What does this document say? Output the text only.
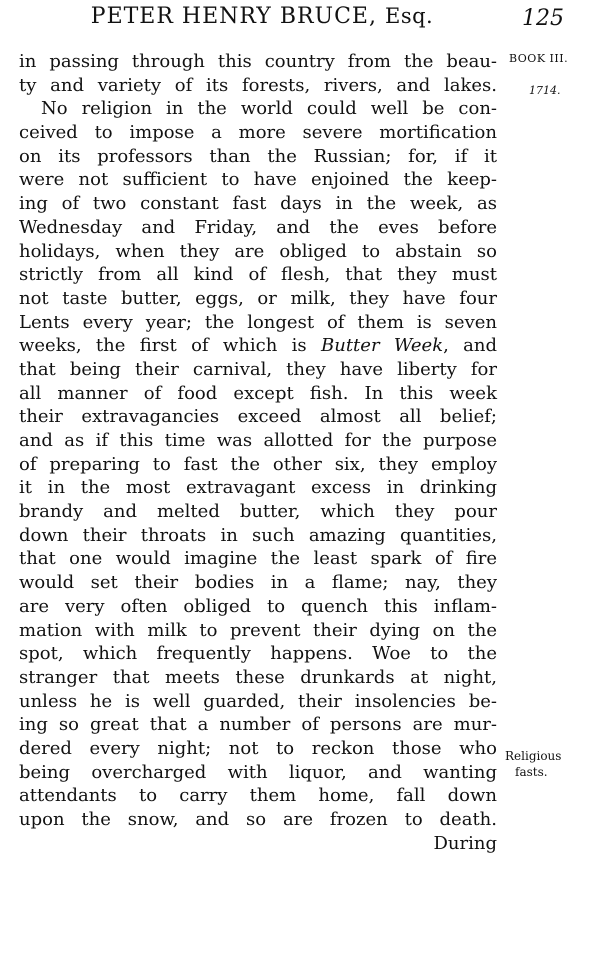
PETER HENRY BRUCE, Esq.	125
BOOK III.
1714.
in passing through this country from the beau-
ty and variety of its forests, rivers, and lakes.
No religion in the world could well be con-
ceived to impose a more severe mortification
on its professors than the Russian; for, if it
were not sufficient to have enjoined the keep-
ing of two constant fast days in the week, as
Wednesday and Friday, and the eves before
holidays, when they are obliged to abstain so
strictly from all kind of flesh, that they must
not taste butter, eggs, or milk, they have four
Lents every year; the longest of them is seven
weeks, the first of which is Butter Week, and
that being their carnival, they have liberty for
all manner of food except fish. In this week
their extravagancies exceed almost all belief;
and as if this time was allotted for the purpose
of preparing to fast the other six, they employ
it in the most extravagant excess in drinking
brandy and melted butter, which they pour
down their throats in such amazing quantities,
that one would imagine the least spark of fire
would set their bodies in a flame; nay, they
are very often obliged to quench this inflam-
mation with milk to prevent their dying on the
spot, which frequently happens. Woe to the
stranger that meets these drunkards at night,
unless he is well guarded, their insolencies be-
ing so great that a number of persons are mur-
dered every night; not to reckon those who
being overcharged with liquor, and wanting
attendants to carry them home, fall down
upon the snow, and so are frozen to death.
During
Religious
fasts.
